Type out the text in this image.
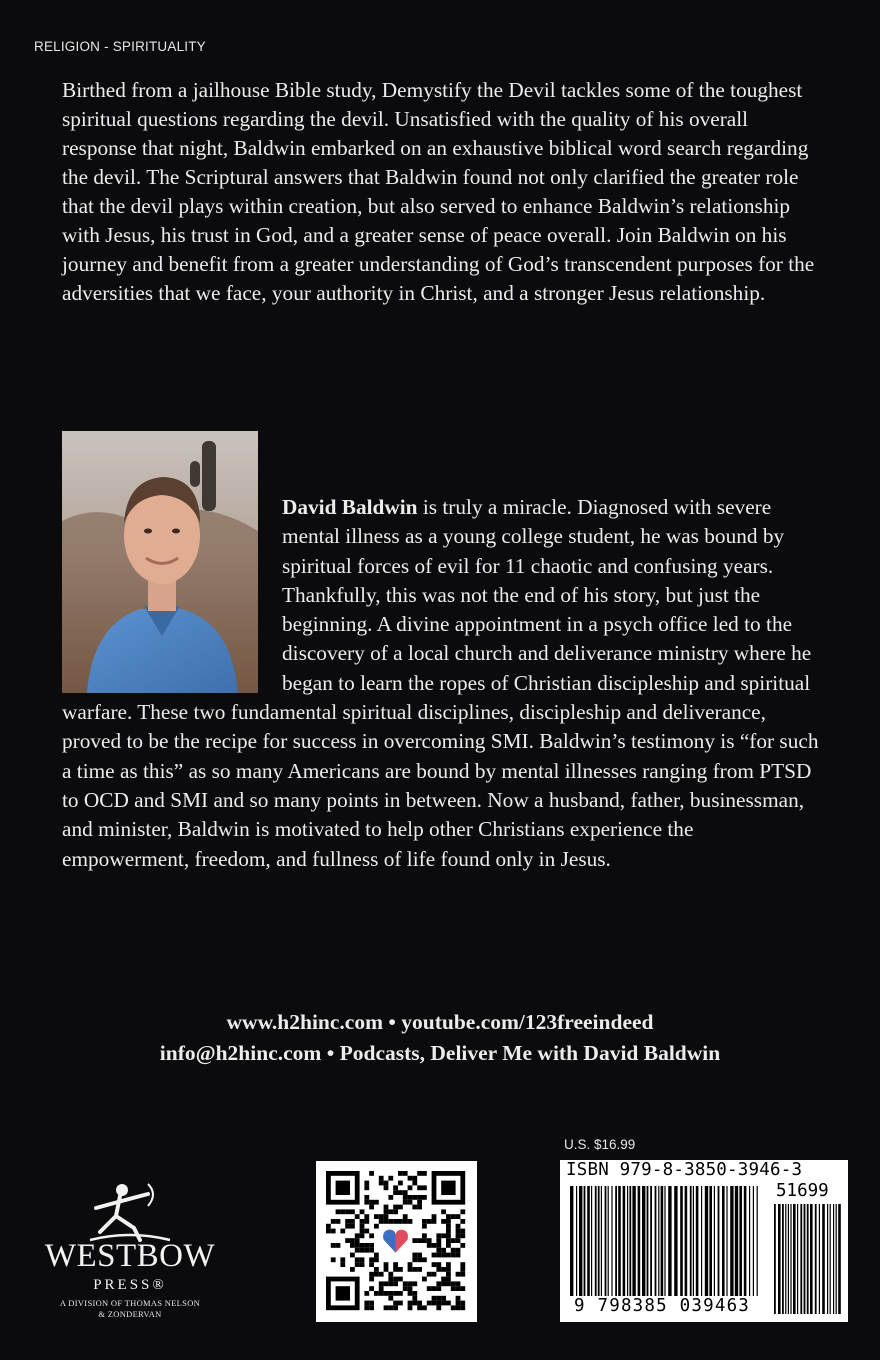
RELIGION - SPIRITUALITY

Birthed from a jailhouse Bible study, Demystify the Devil tackles some of the toughest spiritual questions regarding the devil. Unsatisfied with the quality of his overall response that night, Baldwin embarked on an exhaustive biblical word search regarding the devil. The Scriptural answers that Baldwin found not only clarified the greater role that the devil plays within creation, but also served to enhance Baldwin’s relationship with Jesus, his trust in God, and a greater sense of peace overall. Join Baldwin on his journey and benefit from a greater understanding of God’s transcendent purposes for the adversities that we face, your authority in Christ, and a stronger Jesus relationship.

David Baldwin is truly a miracle. Diagnosed with severe mental illness as a young college student, he was bound by spiritual forces of evil for 11 chaotic and confusing years. Thankfully, this was not the end of his story, but just the beginning. A divine appointment in a psych office led to the discovery of a local church and deliverance ministry where he began to learn the ropes of Christian discipleship and spiritual warfare. These two fundamental spiritual disciplines, discipleship and deliverance, proved to be the recipe for success in overcoming SMI. Baldwin’s testimony is “for such a time as this” as so many Americans are bound by mental illnesses ranging from PTSD to OCD and SMI and so many points in between. Now a husband, father, businessman, and minister, Baldwin is motivated to help other Christians experience the empowerment, freedom, and fullness of life found only in Jesus.

www.h2hinc.com • youtube.com/123freeindeed

info@h2hinc.com • Podcasts, Deliver Me with David Baldwin

WESTBOW
PRESS®
A DIVISION OF THOMAS NELSON
& ZONDERVAN
U.S. $16.99
ISBN 979-8-3850-3946-3
51699
9 798385 039463
